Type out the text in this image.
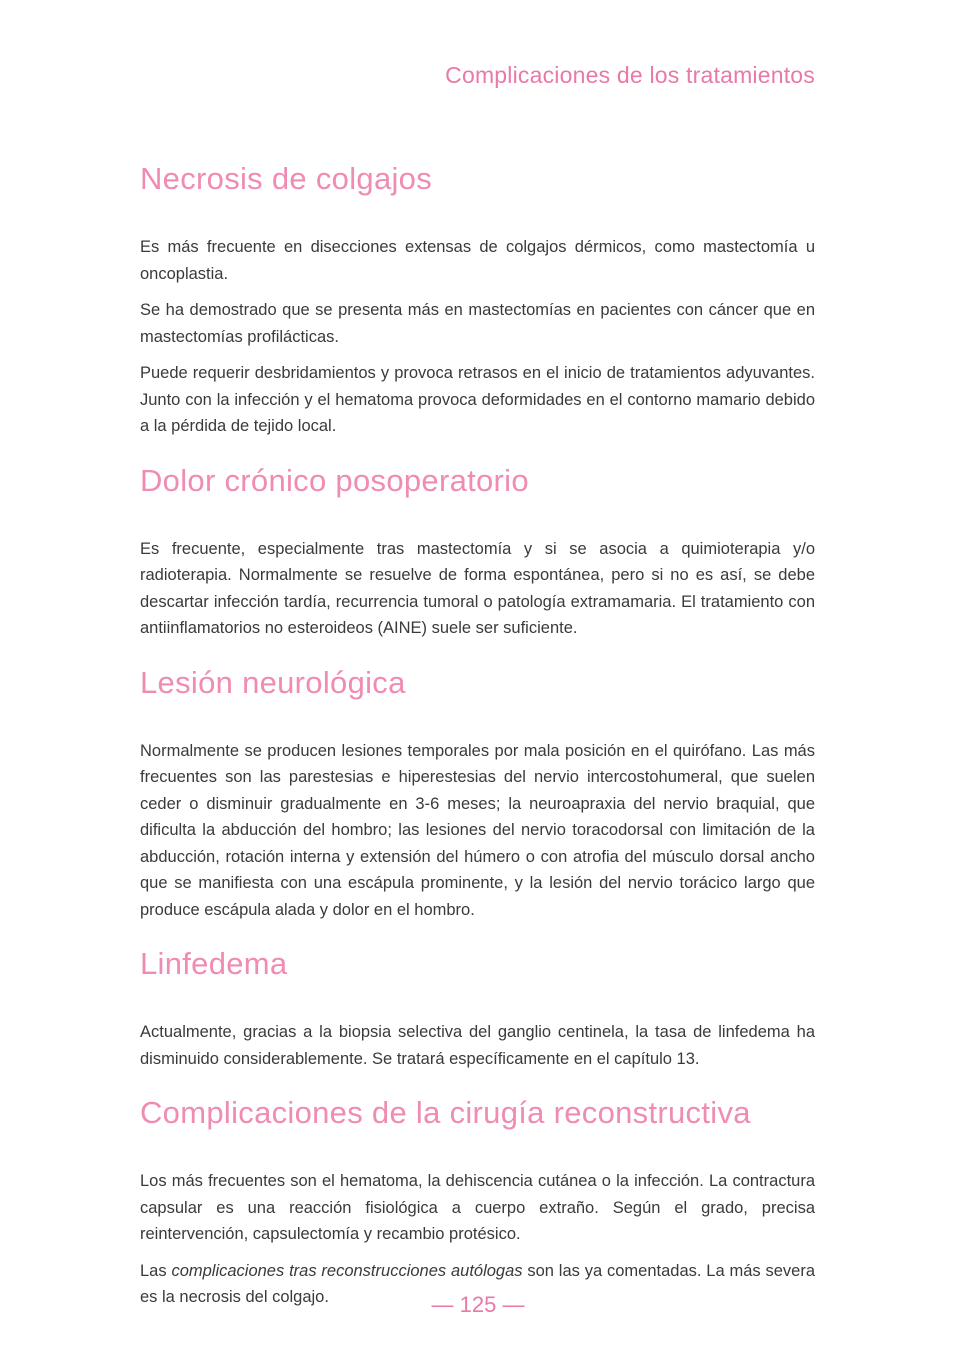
Complicaciones de los tratamientos
Necrosis de colgajos

Es más frecuente en disecciones extensas de colgajos dérmicos, como mastectomía u oncoplastia.

Se ha demostrado que se presenta más en mastectomías en pacientes con cáncer que en mastectomías profilácticas.

Puede requerir desbridamientos y provoca retrasos en el inicio de tratamientos adyuvantes. Junto con la infección y el hematoma provoca deformidades en el contorno mamario debido a la pérdida de tejido local.

Dolor crónico posoperatorio

Es frecuente, especialmente tras mastectomía y si se asocia a quimioterapia y/o radioterapia. Normalmente se resuelve de forma espontánea, pero si no es así, se debe descartar infección tardía, recurrencia tumoral o patología extramamaria. El tratamiento con antiinflamatorios no esteroideos (AINE) suele ser suficiente.

Lesión neurológica

Normalmente se producen lesiones temporales por mala posición en el quirófano. Las más frecuentes son las parestesias e hiperestesias del nervio intercostohumeral, que suelen ceder o disminuir gradualmente en 3-6 meses; la neuroapraxia del nervio braquial, que dificulta la abducción del hombro; las lesiones del nervio toracodorsal con limitación de la abducción, rotación interna y extensión del húmero o con atrofia del músculo dorsal ancho que se manifiesta con una escápula prominente, y la lesión del nervio torácico largo que produce escápula alada y dolor en el hombro.

Linfedema

Actualmente, gracias a la biopsia selectiva del ganglio centinela, la tasa de linfedema ha disminuido considerablemente. Se tratará específicamente en el capítulo 13.

Complicaciones de la cirugía reconstructiva

Los más frecuentes son el hematoma, la dehiscencia cutánea o la infección. La contractura capsular es una reacción fisiológica a cuerpo extraño. Según el grado, precisa reintervención, capsulectomía y recambio protésico.

Las complicaciones tras reconstrucciones autólogas son las ya comentadas. La más severa es la necrosis del colgajo.	— 125 —
